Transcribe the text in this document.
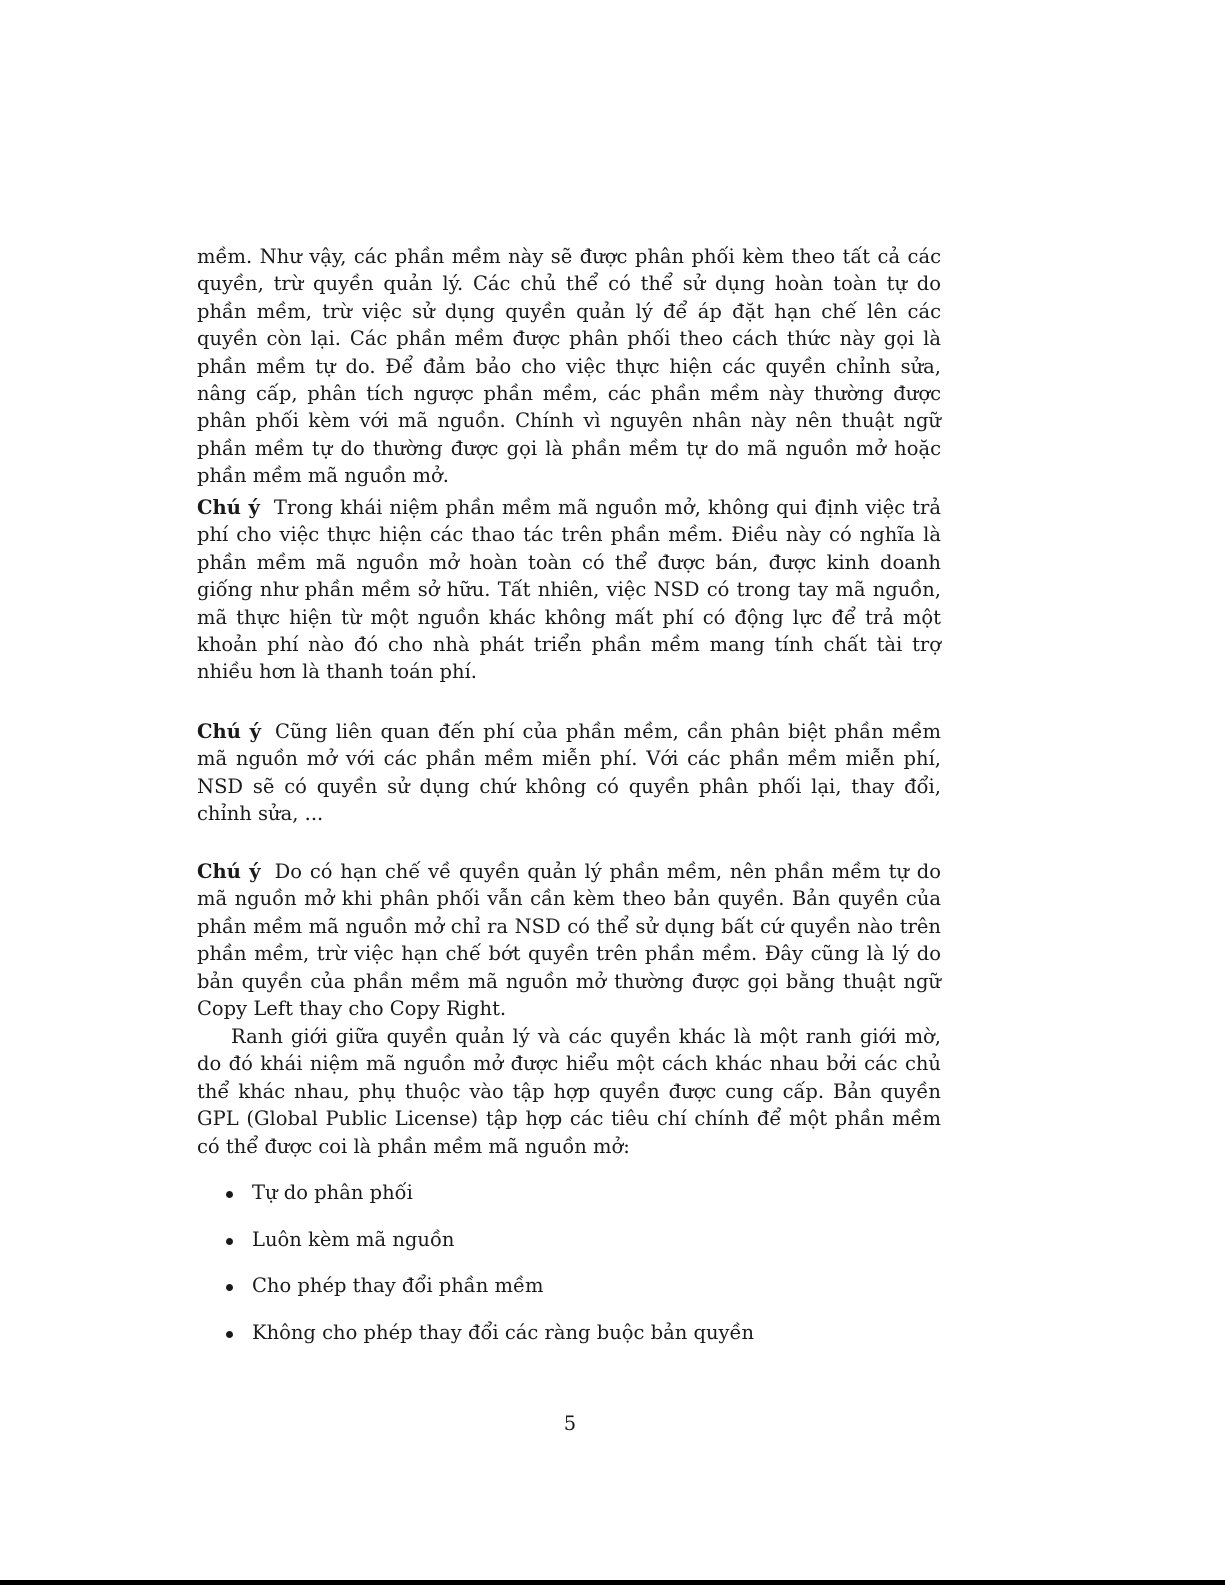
mềm. Như vậy, các phần mềm này sẽ được phân phối kèm theo tất cả các quyền, trừ quyền quản lý. Các chủ thể có thể sử dụng hoàn toàn tự do phần mềm, trừ việc sử dụng quyền quản lý để áp đặt hạn chế lên các quyền còn lại. Các phần mềm được phân phối theo cách thức này gọi là phần mềm tự do. Để đảm bảo cho việc thực hiện các quyền chỉnh sửa, nâng cấp, phân tích ngược phần mềm, các phần mềm này thường được phân phối kèm với mã nguồn. Chính vì nguyên nhân này nên thuật ngữ phần mềm tự do thường được gọi là phần mềm tự do mã nguồn mở hoặc phần mềm mã nguồn mở.

Chú ý Trong khái niệm phần mềm mã nguồn mở, không qui định việc trả phí cho việc thực hiện các thao tác trên phần mềm. Điều này có nghĩa là phần mềm mã nguồn mở hoàn toàn có thể được bán, được kinh doanh giống như phần mềm sở hữu. Tất nhiên, việc NSD có trong tay mã nguồn, mã thực hiện từ một nguồn khác không mất phí có động lực để trả một khoản phí nào đó cho nhà phát triển phần mềm mang tính chất tài trợ nhiều hơn là thanh toán phí.

Chú ý Cũng liên quan đến phí của phần mềm, cần phân biệt phần mềm mã nguồn mở với các phần mềm miễn phí. Với các phần mềm miễn phí, NSD sẽ có quyền sử dụng chứ không có quyền phân phối lại, thay đổi, chỉnh sửa, ...

Chú ý Do có hạn chế về quyền quản lý phần mềm, nên phần mềm tự do mã nguồn mở khi phân phối vẫn cần kèm theo bản quyền. Bản quyền của phần mềm mã nguồn mở chỉ ra NSD có thể sử dụng bất cứ quyền nào trên phần mềm, trừ việc hạn chế bớt quyền trên phần mềm. Đây cũng là lý do bản quyền của phần mềm mã nguồn mở thường được gọi bằng thuật ngữ Copy Left thay cho Copy Right.

Ranh giới giữa quyền quản lý và các quyền khác là một ranh giới mờ, do đó khái niệm mã nguồn mở được hiểu một cách khác nhau bởi các chủ thể khác nhau, phụ thuộc vào tập hợp quyền được cung cấp. Bản quyền GPL (Global Public License) tập hợp các tiêu chí chính để một phần mềm có thể được coi là phần mềm mã nguồn mở:

Tự do phân phối
Luôn kèm mã nguồn
Cho phép thay đổi phần mềm
Không cho phép thay đổi các ràng buộc bản quyền
5
